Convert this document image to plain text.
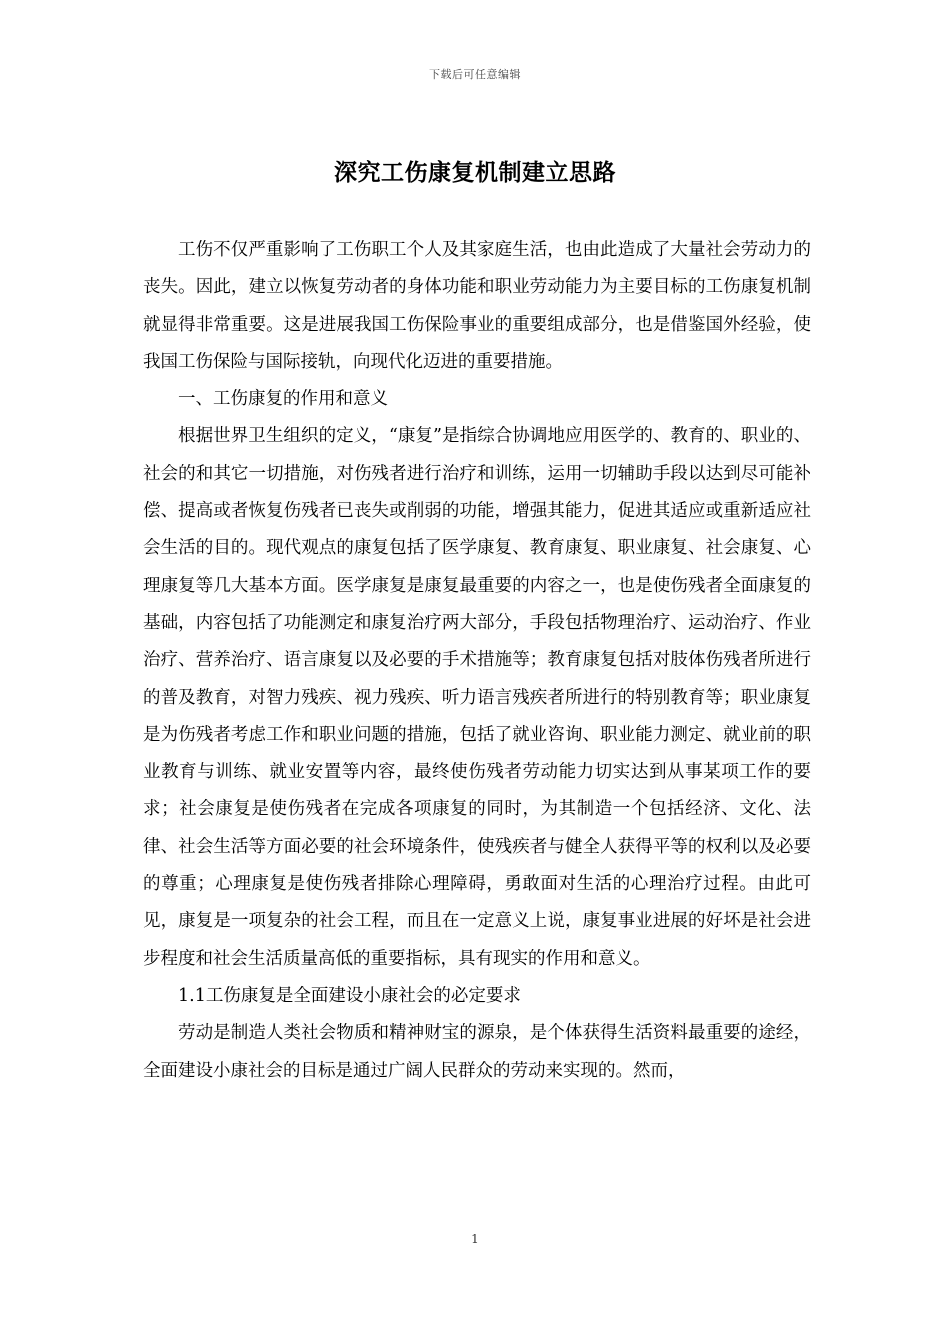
下载后可任意编辑
深究工伤康复机制建立思路

工伤不仅严重影响了工伤职工个人及其家庭生活，也由此造成了大量社会劳动力的丧失。因此，建立以恢复劳动者的身体功能和职业劳动能力为主要目标的工伤康复机制就显得非常重要。这是进展我国工伤保险事业的重要组成部分，也是借鉴国外经验，使我国工伤保险与国际接轨，向现代化迈进的重要措施。

一、工伤康复的作用和意义

根据世界卫生组织的定义，“康复”是指综合协调地应用医学的、教育的、职业的、社会的和其它一切措施，对伤残者进行治疗和训练，运用一切辅助手段以达到尽可能补偿、提高或者恢复伤残者已丧失或削弱的功能，增强其能力，促进其适应或重新适应社会生活的目的。现代观点的康复包括了医学康复、教育康复、职业康复、社会康复、心理康复等几大基本方面。医学康复是康复最重要的内容之一，也是使伤残者全面康复的基础，内容包括了功能测定和康复治疗两大部分，手段包括物理治疗、运动治疗、作业治疗、营养治疗、语言康复以及必要的手术措施等；教育康复包括对肢体伤残者所进行的普及教育，对智力残疾、视力残疾、听力语言残疾者所进行的特别教育等；职业康复是为伤残者考虑工作和职业问题的措施，包括了就业咨询、职业能力测定、就业前的职业教育与训练、就业安置等内容，最终使伤残者劳动能力切实达到从事某项工作的要求；社会康复是使伤残者在完成各项康复的同时，为其制造一个包括经济、文化、法律、社会生活等方面必要的社会环境条件，使残疾者与健全人获得平等的权利以及必要的尊重；心理康复是使伤残者排除心理障碍，勇敢面对生活的心理治疗过程。由此可见，康复是一项复杂的社会工程，而且在一定意义上说，康复事业进展的好坏是社会进步程度和社会生活质量高低的重要指标，具有现实的作用和意义。

1.1工伤康复是全面建设小康社会的必定要求

劳动是制造人类社会物质和精神财宝的源泉，是个体获得生活资料最重要的途经，全面建设小康社会的目标是通过广阔人民群众的劳动来实现的。然而，

1
